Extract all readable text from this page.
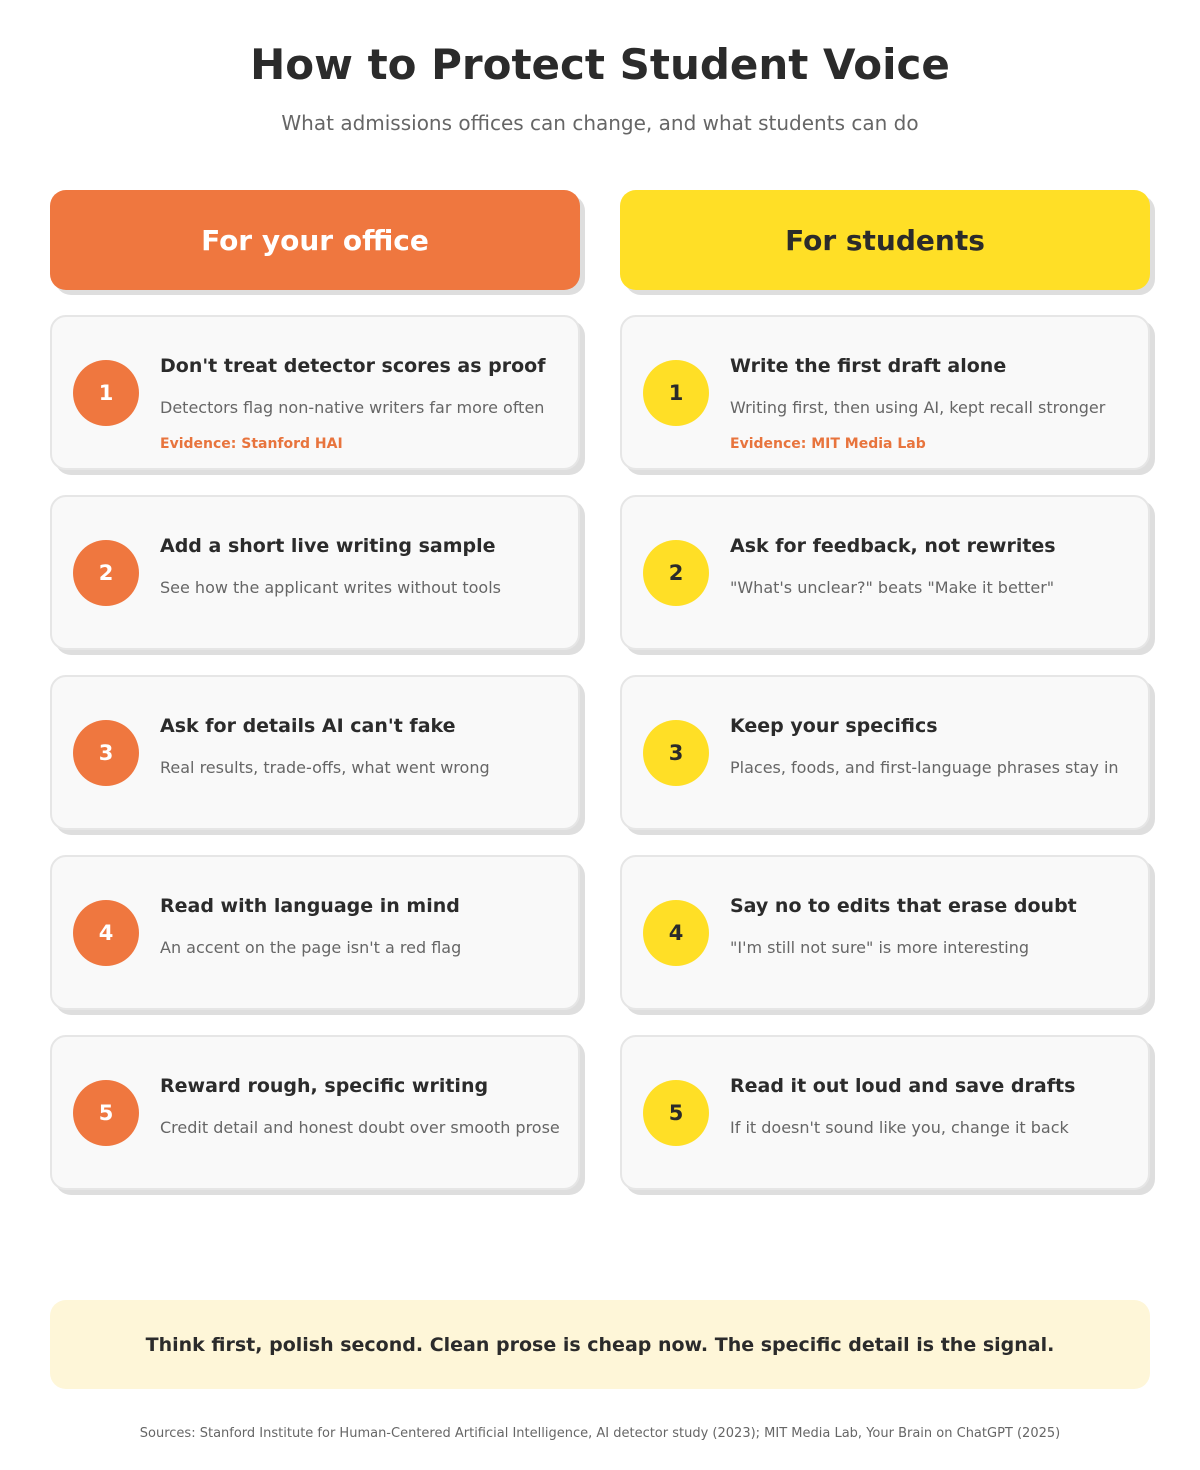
How to Protect Student Voice

What admissions offices can change, and what students can do

For your office
1
Don't treat detector scores as proof
Detectors flag non-native writers far more often
Evidence: Stanford HAI
2
Add a short live writing sample
See how the applicant writes without tools
3
Ask for details AI can't fake
Real results, trade-offs, what went wrong
4
Read with language in mind
An accent on the page isn't a red flag
5
Reward rough, specific writing
Credit detail and honest doubt over smooth prose
For students
1
Write the first draft alone
Writing first, then using AI, kept recall stronger
Evidence: MIT Media Lab
2
Ask for feedback, not rewrites
"What's unclear?" beats "Make it better"
3
Keep your specifics
Places, foods, and first-language phrases stay in
4
Say no to edits that erase doubt
"I'm still not sure" is more interesting
5
Read it out loud and save drafts
If it doesn't sound like you, change it back
Think first, polish second. Clean prose is cheap now. The specific detail is the signal.
Sources: Stanford Institute for Human-Centered Artificial Intelligence, AI detector study (2023); MIT Media Lab, Your Brain on ChatGPT (2025)
